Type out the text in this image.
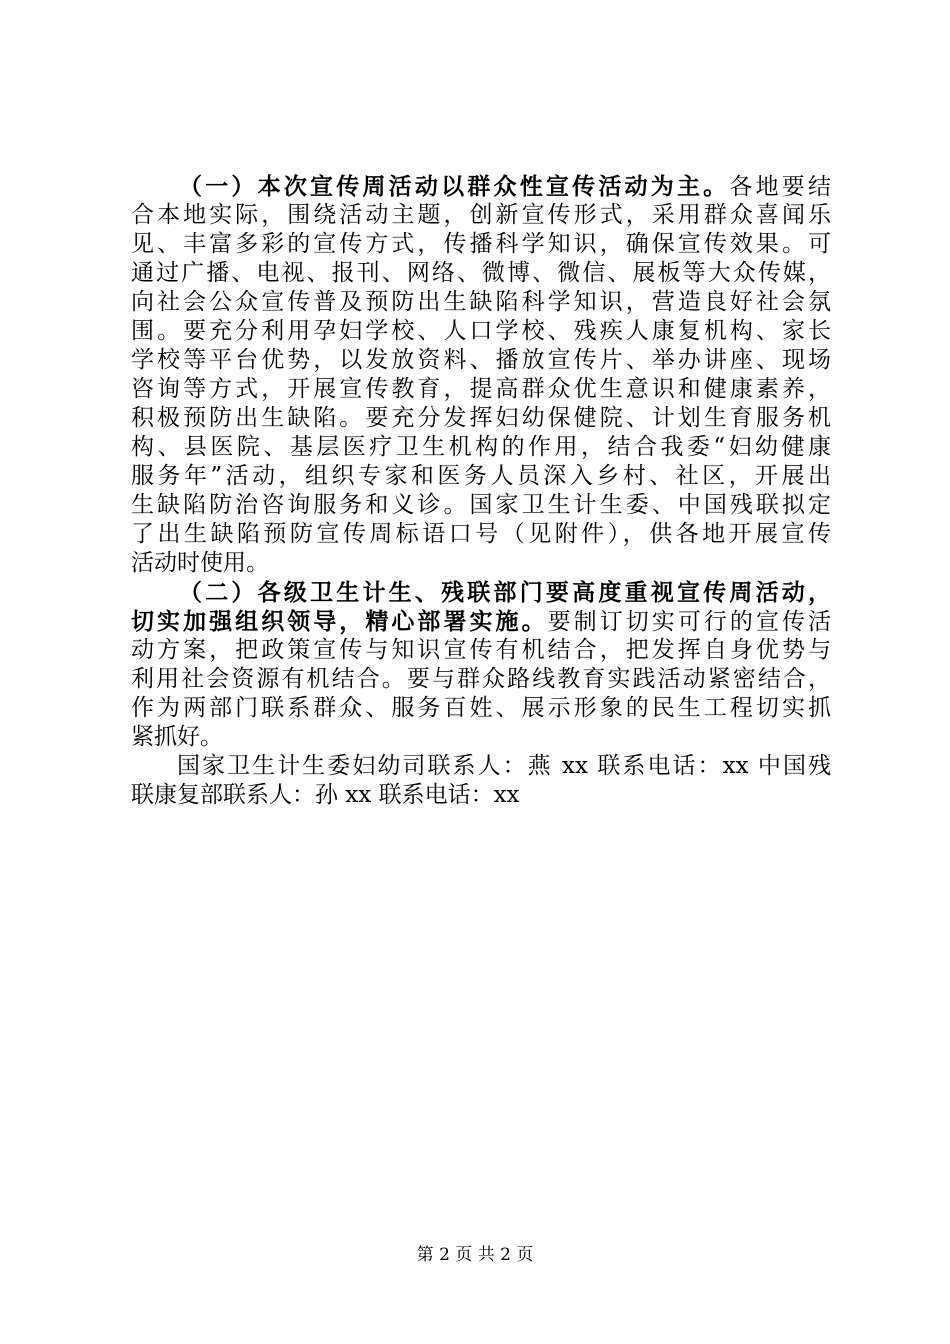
（一）本次宣传周活动以群众性宣传活动为主。各地要结
合本地实际，围绕活动主题，创新宣传形式，采用群众喜闻乐
见、丰富多彩的宣传方式，传播科学知识，确保宣传效果。可
通过广播、电视、报刊、网络、微博、微信、展板等大众传媒，
向社会公众宣传普及预防出生缺陷科学知识，营造良好社会氛
围。要充分利用孕妇学校、人口学校、残疾人康复机构、家长
学校等平台优势，以发放资料、播放宣传片、举办讲座、现场
咨询等方式，开展宣传教育，提高群众优生意识和健康素养，
积极预防出生缺陷。要充分发挥妇幼保健院、计划生育服务机
构、县医院、基层医疗卫生机构的作用，结合我委“妇幼健康
服务年”活动，组织专家和医务人员深入乡村、社区，开展出
生缺陷防治咨询服务和义诊。国家卫生计生委、中国残联拟定
了出生缺陷预防宣传周标语口号（见附件），供各地开展宣传
活动时使用。
（二）各级卫生计生、残联部门要高度重视宣传周活动，
切实加强组织领导，精心部署实施。要制订切实可行的宣传活
动方案，把政策宣传与知识宣传有机结合，把发挥自身优势与
利用社会资源有机结合。要与群众路线教育实践活动紧密结合，
作为两部门联系群众、服务百姓、展示形象的民生工程切实抓
紧抓好。
国家卫生计生委妇幼司联系人：燕 xx 联系电话：xx 中国残
联康复部联系人：孙 xx 联系电话：xx
第 2 页 共 2 页
